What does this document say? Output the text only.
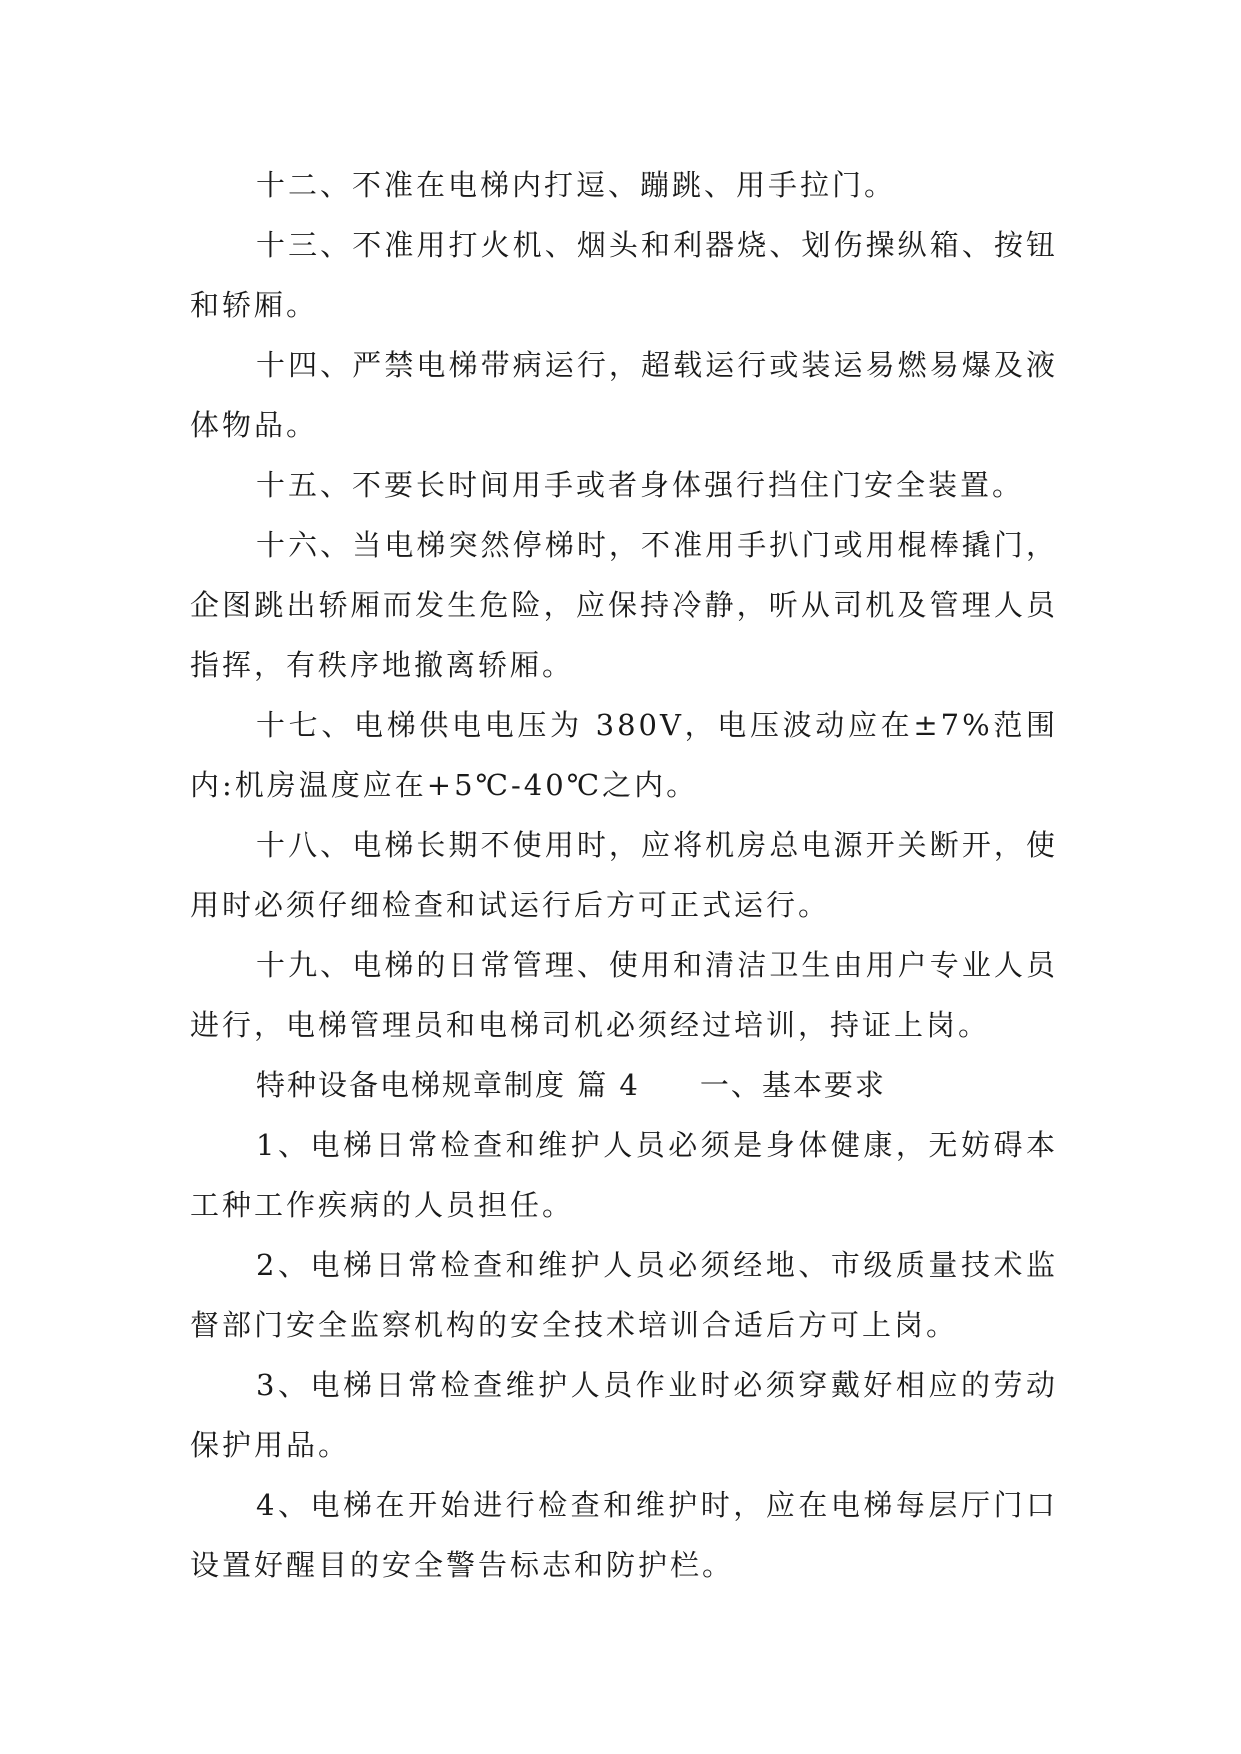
十二、不准在电梯内打逗、蹦跳、用手拉门。

十三、不准用打火机、烟头和利器烧、划伤操纵箱、按钮和轿厢。

十四、严禁电梯带病运行，超载运行或装运易燃易爆及液体物品。

十五、不要长时间用手或者身体强行挡住门安全装置。

十六、当电梯突然停梯时，不准用手扒门或用棍棒撬门，企图跳出轿厢而发生危险，应保持冷静，听从司机及管理人员指挥，有秩序地撤离轿厢。

十七、电梯供电电压为 380V，电压波动应在±7%范围内:机房温度应在+5℃-40℃之内。

十八、电梯长期不使用时，应将机房总电源开关断开，使用时必须仔细检查和试运行后方可正式运行。

十九、电梯的日常管理、使用和清洁卫生由用户专业人员进行，电梯管理员和电梯司机必须经过培训，持证上岗。

特种设备电梯规章制度 篇 4 一、基本要求

1、电梯日常检查和维护人员必须是身体健康，无妨碍本工种工作疾病的人员担任。

2、电梯日常检查和维护人员必须经地、市级质量技术监督部门安全监察机构的安全技术培训合适后方可上岗。

3、电梯日常检查维护人员作业时必须穿戴好相应的劳动保护用品。

4、电梯在开始进行检查和维护时，应在电梯每层厅门口设置好醒目的安全警告标志和防护栏。
